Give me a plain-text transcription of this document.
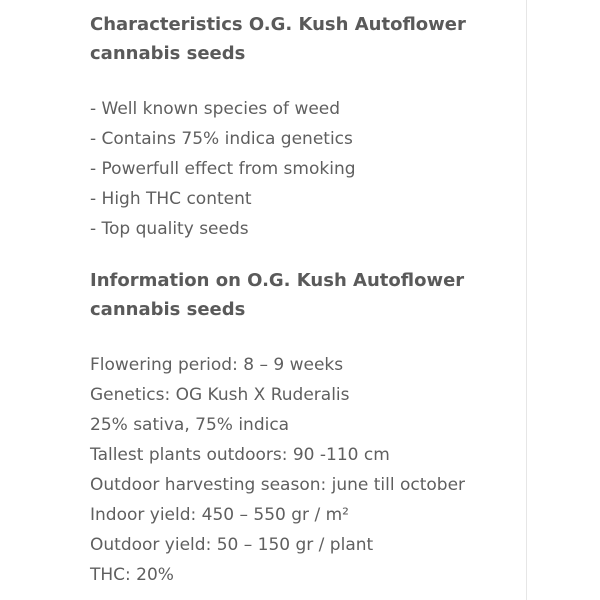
Characteristics O.G. Kush Autoflower cannabis seeds
- Well known species of weed
- Contains 75% indica genetics
- Powerfull effect from smoking
- High THC content
- Top quality seeds
Information on O.G. Kush Autoflower cannabis seeds
Flowering period: 8 – 9 weeks
Genetics: OG Kush X Ruderalis
25% sativa, 75% indica
Tallest plants outdoors: 90 -110 cm
Outdoor harvesting season: june till october
Indoor yield: 450 – 550 gr / m²
Outdoor yield: 50 – 150 gr / plant
THC: 20%
